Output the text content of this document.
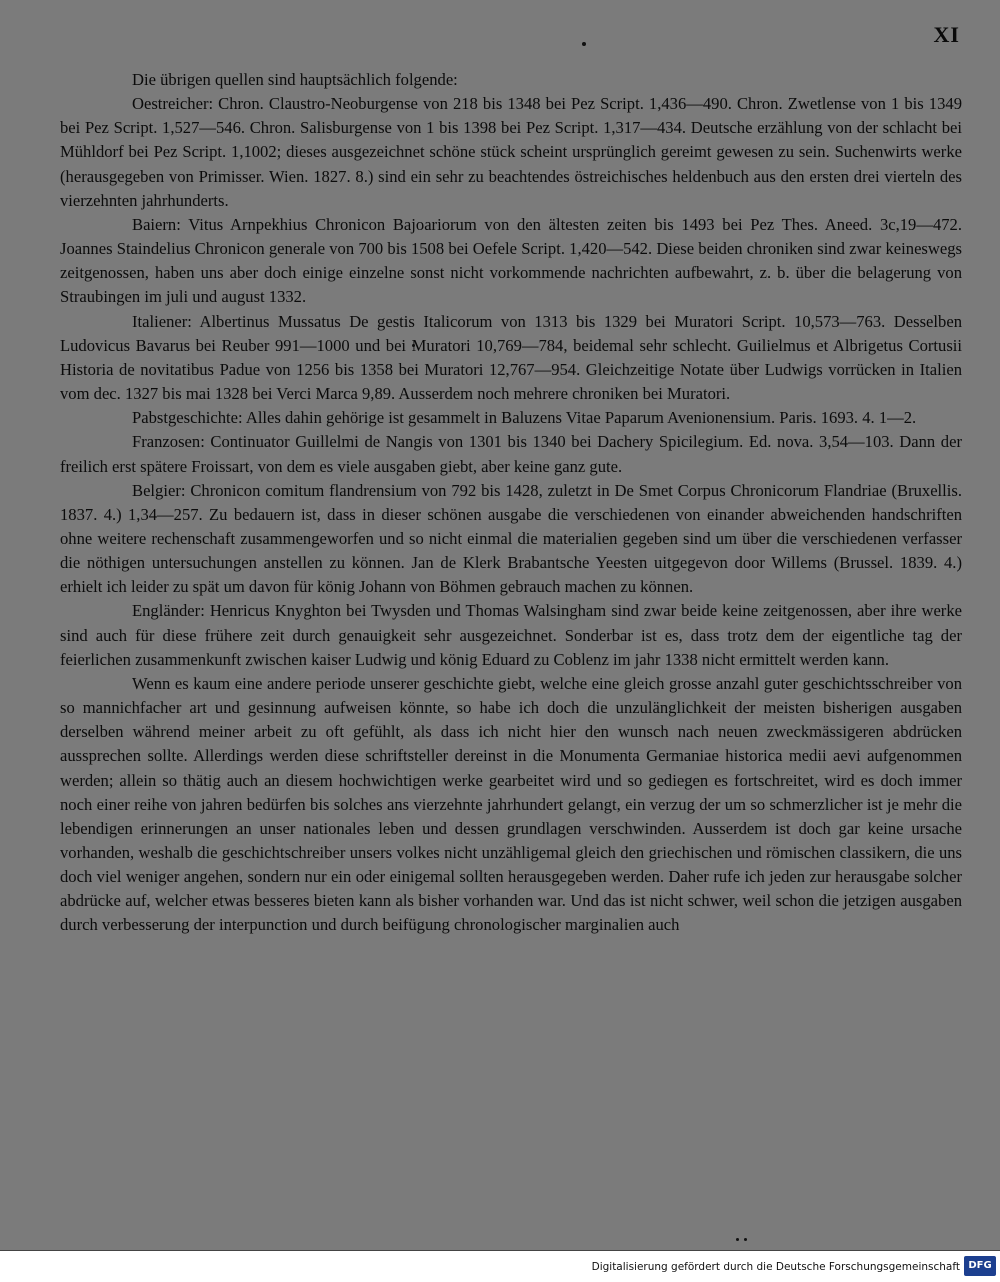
XI

Die übrigen quellen sind hauptsächlich folgende:

Oestreicher: Chron. Claustro-Neoburgense von 218 bis 1348 bei Pez Script. 1,436—490. Chron. Zwetlense von 1 bis 1349 bei Pez Script. 1,527—546. Chron. Salisburgense von 1 bis 1398 bei Pez Script. 1,317—434. Deutsche erzählung von der schlacht bei Mühldorf bei Pez Script. 1,1002; dieses ausgezeichnet schöne stück scheint ursprünglich gereimt gewesen zu sein. Suchenwirts werke (herausgegeben von Primisser. Wien. 1827. 8.) sind ein sehr zu beachtendes östreichisches heldenbuch aus den ersten drei vierteln des vierzehnten jahrhunderts.

Baiern: Vitus Arnpekhius Chronicon Bajoariorum von den ältesten zeiten bis 1493 bei Pez Thes. Aneed. 3c,19—472. Joannes Staindelius Chronicon generale von 700 bis 1508 bei Oefele Script. 1,420—542. Diese beiden chroniken sind zwar keineswegs zeitgenossen, haben uns aber doch einige einzelne sonst nicht vorkommende nachrichten aufbewahrt, z. b. über die belagerung von Straubingen im juli und august 1332.

Italiener: Albertinus Mussatus De gestis Italicorum von 1313 bis 1329 bei Muratori Script. 10,573—763. Desselben Ludovicus Bavarus bei Reuber 991—1000 und bei Muratori 10,769—784, beidemal sehr schlecht. Guilielmus et Albrigetus Cortusii Historia de novitatibus Padue von 1256 bis 1358 bei Muratori 12,767—954. Gleichzeitige Notate über Ludwigs vorrücken in Italien vom dec. 1327 bis mai 1328 bei Verci Marca 9,89. Ausserdem noch mehrere chroniken bei Muratori.

Pabstgeschichte: Alles dahin gehörige ist gesammelt in Baluzens Vitae Paparum Avenionensium. Paris. 1693. 4. 1—2.

Franzosen: Continuator Guillelmi de Nangis von 1301 bis 1340 bei Dachery Spicilegium. Ed. nova. 3,54—103. Dann der freilich erst spätere Froissart, von dem es viele ausgaben giebt, aber keine ganz gute.

Belgier: Chronicon comitum flandrensium von 792 bis 1428, zuletzt in De Smet Corpus Chronicorum Flandriae (Bruxellis. 1837. 4.) 1,34—257. Zu bedauern ist, dass in dieser schönen ausgabe die verschiedenen von einander abweichenden handschriften ohne weitere rechenschaft zusammengeworfen und so nicht einmal die materialien gegeben sind um über die verschiedenen verfasser die nöthigen untersuchungen anstellen zu können. Jan de Klerk Brabantsche Yeesten uitgegevon door Willems (Brussel. 1839. 4.) erhielt ich leider zu spät um davon für könig Johann von Böhmen gebrauch machen zu können.

Engländer: Henricus Knyghton bei Twysden und Thomas Walsingham sind zwar beide keine zeitgenossen, aber ihre werke sind auch für diese frühere zeit durch genauigkeit sehr ausgezeichnet. Sonderbar ist es, dass trotz dem der eigentliche tag der feierlichen zusammenkunft zwischen kaiser Ludwig und könig Eduard zu Coblenz im jahr 1338 nicht ermittelt werden kann.

Wenn es kaum eine andere periode unserer geschichte giebt, welche eine gleich grosse anzahl guter geschichtsschreiber von so mannichfacher art und gesinnung aufweisen könnte, so habe ich doch die unzulänglichkeit der meisten bisherigen ausgaben derselben während meiner arbeit zu oft gefühlt, als dass ich nicht hier den wunsch nach neuen zweckmässigeren abdrücken aussprechen sollte. Allerdings werden diese schriftsteller dereinst in die Monumenta Germaniae historica medii aevi aufgenommen werden; allein so thätig auch an diesem hochwichtigen werke gearbeitet wird und so gediegen es fortschreitet, wird es doch immer noch einer reihe von jahren bedürfen bis solches ans vierzehnte jahrhundert gelangt, ein verzug der um so schmerzlicher ist je mehr die lebendigen erinnerungen an unser nationales leben und dessen grundlagen verschwinden. Ausserdem ist doch gar keine ursache vorhanden, weshalb die geschichtschreiber unsers volkes nicht unzähligemal gleich den griechischen und römischen classikern, die uns doch viel weniger angehen, sondern nur ein oder einigemal sollten herausgegeben werden. Daher rufe ich jeden zur herausgabe solcher abdrücke auf, welcher etwas besseres bieten kann als bisher vorhanden war. Und das ist nicht schwer, weil schon die jetzigen ausgaben durch verbesserung der interpunction und durch beifügung chronologischer marginalien auch

Digitalisierung gefördert durch die Deutsche Forschungsgemeinschaft DFG
